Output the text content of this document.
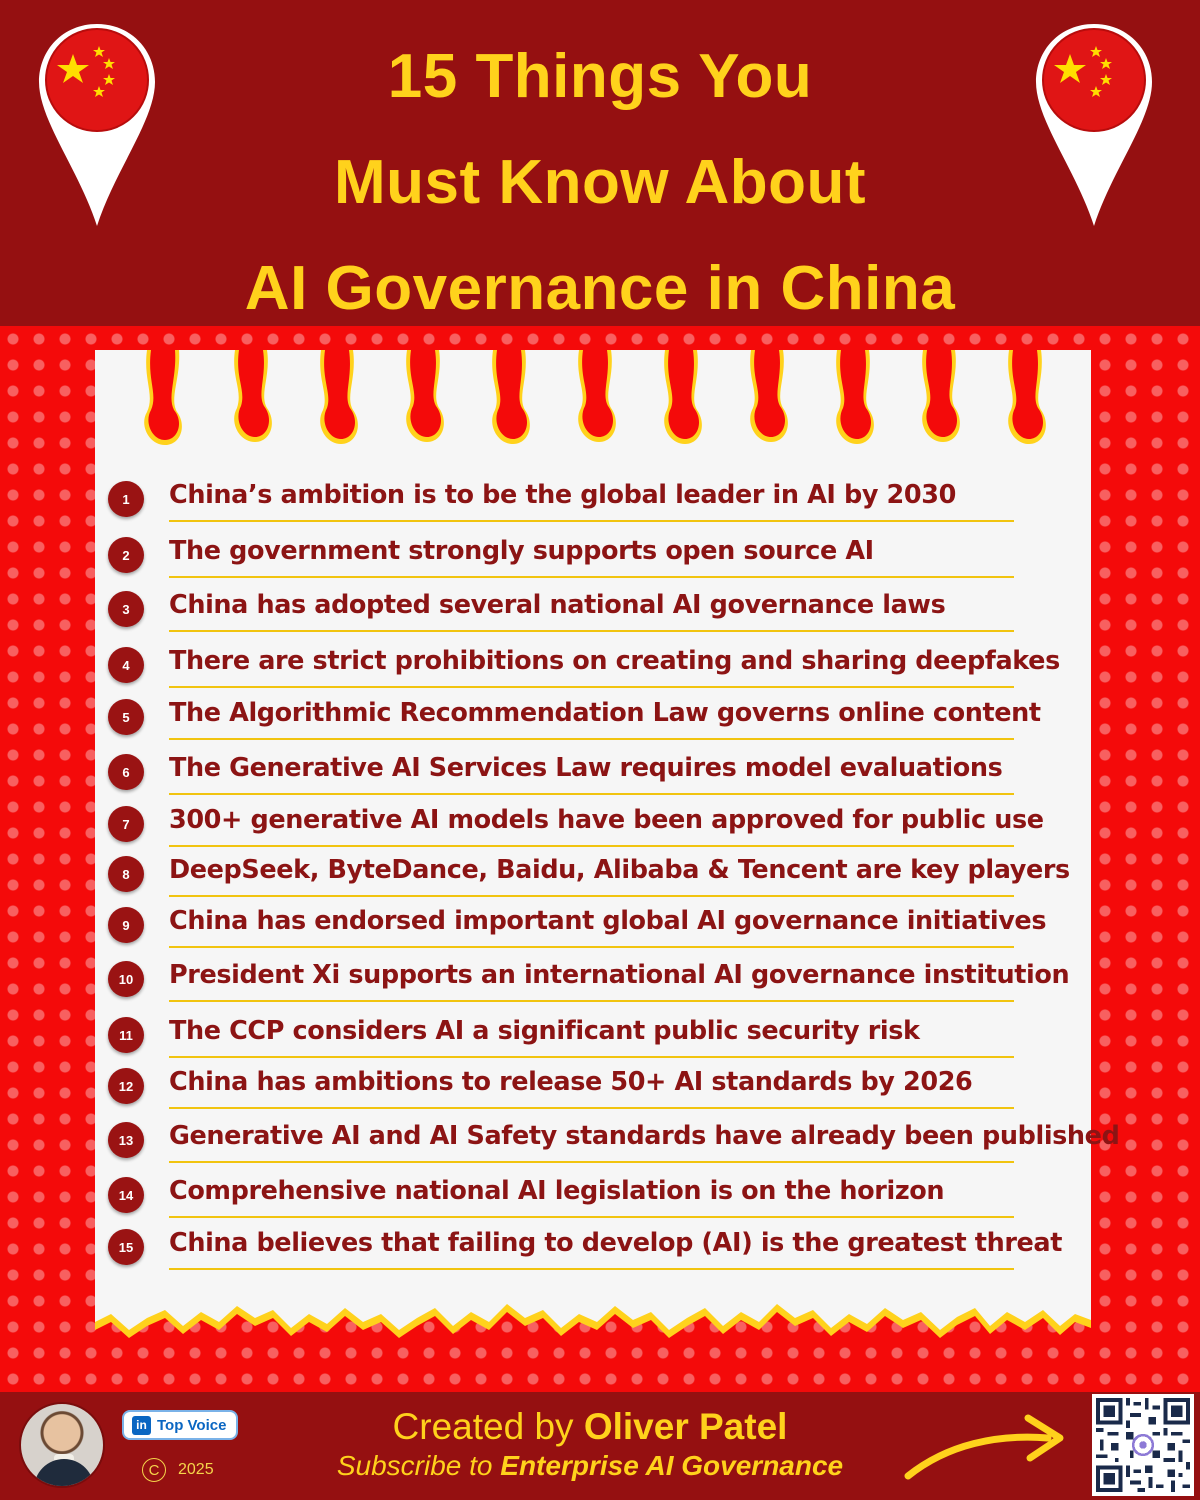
15 Things You
Must Know About
AI Governance in China
1	China’s ambition is to be the global leader in AI by 2030
2	The government strongly supports open source AI
3	China has adopted several national AI governance laws
4	There are strict prohibitions on creating and sharing deepfakes
5	The Algorithmic Recommendation Law governs online content
6	The Generative AI Services Law requires model evaluations
7	300+ generative AI models have been approved for public use
8	DeepSeek, ByteDance, Baidu, Alibaba & Tencent are key players
9	China has endorsed important global AI governance initiatives
10	President Xi supports an international AI governance institution
11	The CCP considers AI a significant public security risk
12	China has ambitions to release 50+ AI standards by 2026
13	Generative AI and AI Safety standards have already been published
14	Comprehensive national AI legislation is on the horizon
15	China believes that failing to develop (AI) is the greatest threat
in Top Voice
C	2025
Created by Oliver Patel
Subscribe to Enterprise AI Governance
